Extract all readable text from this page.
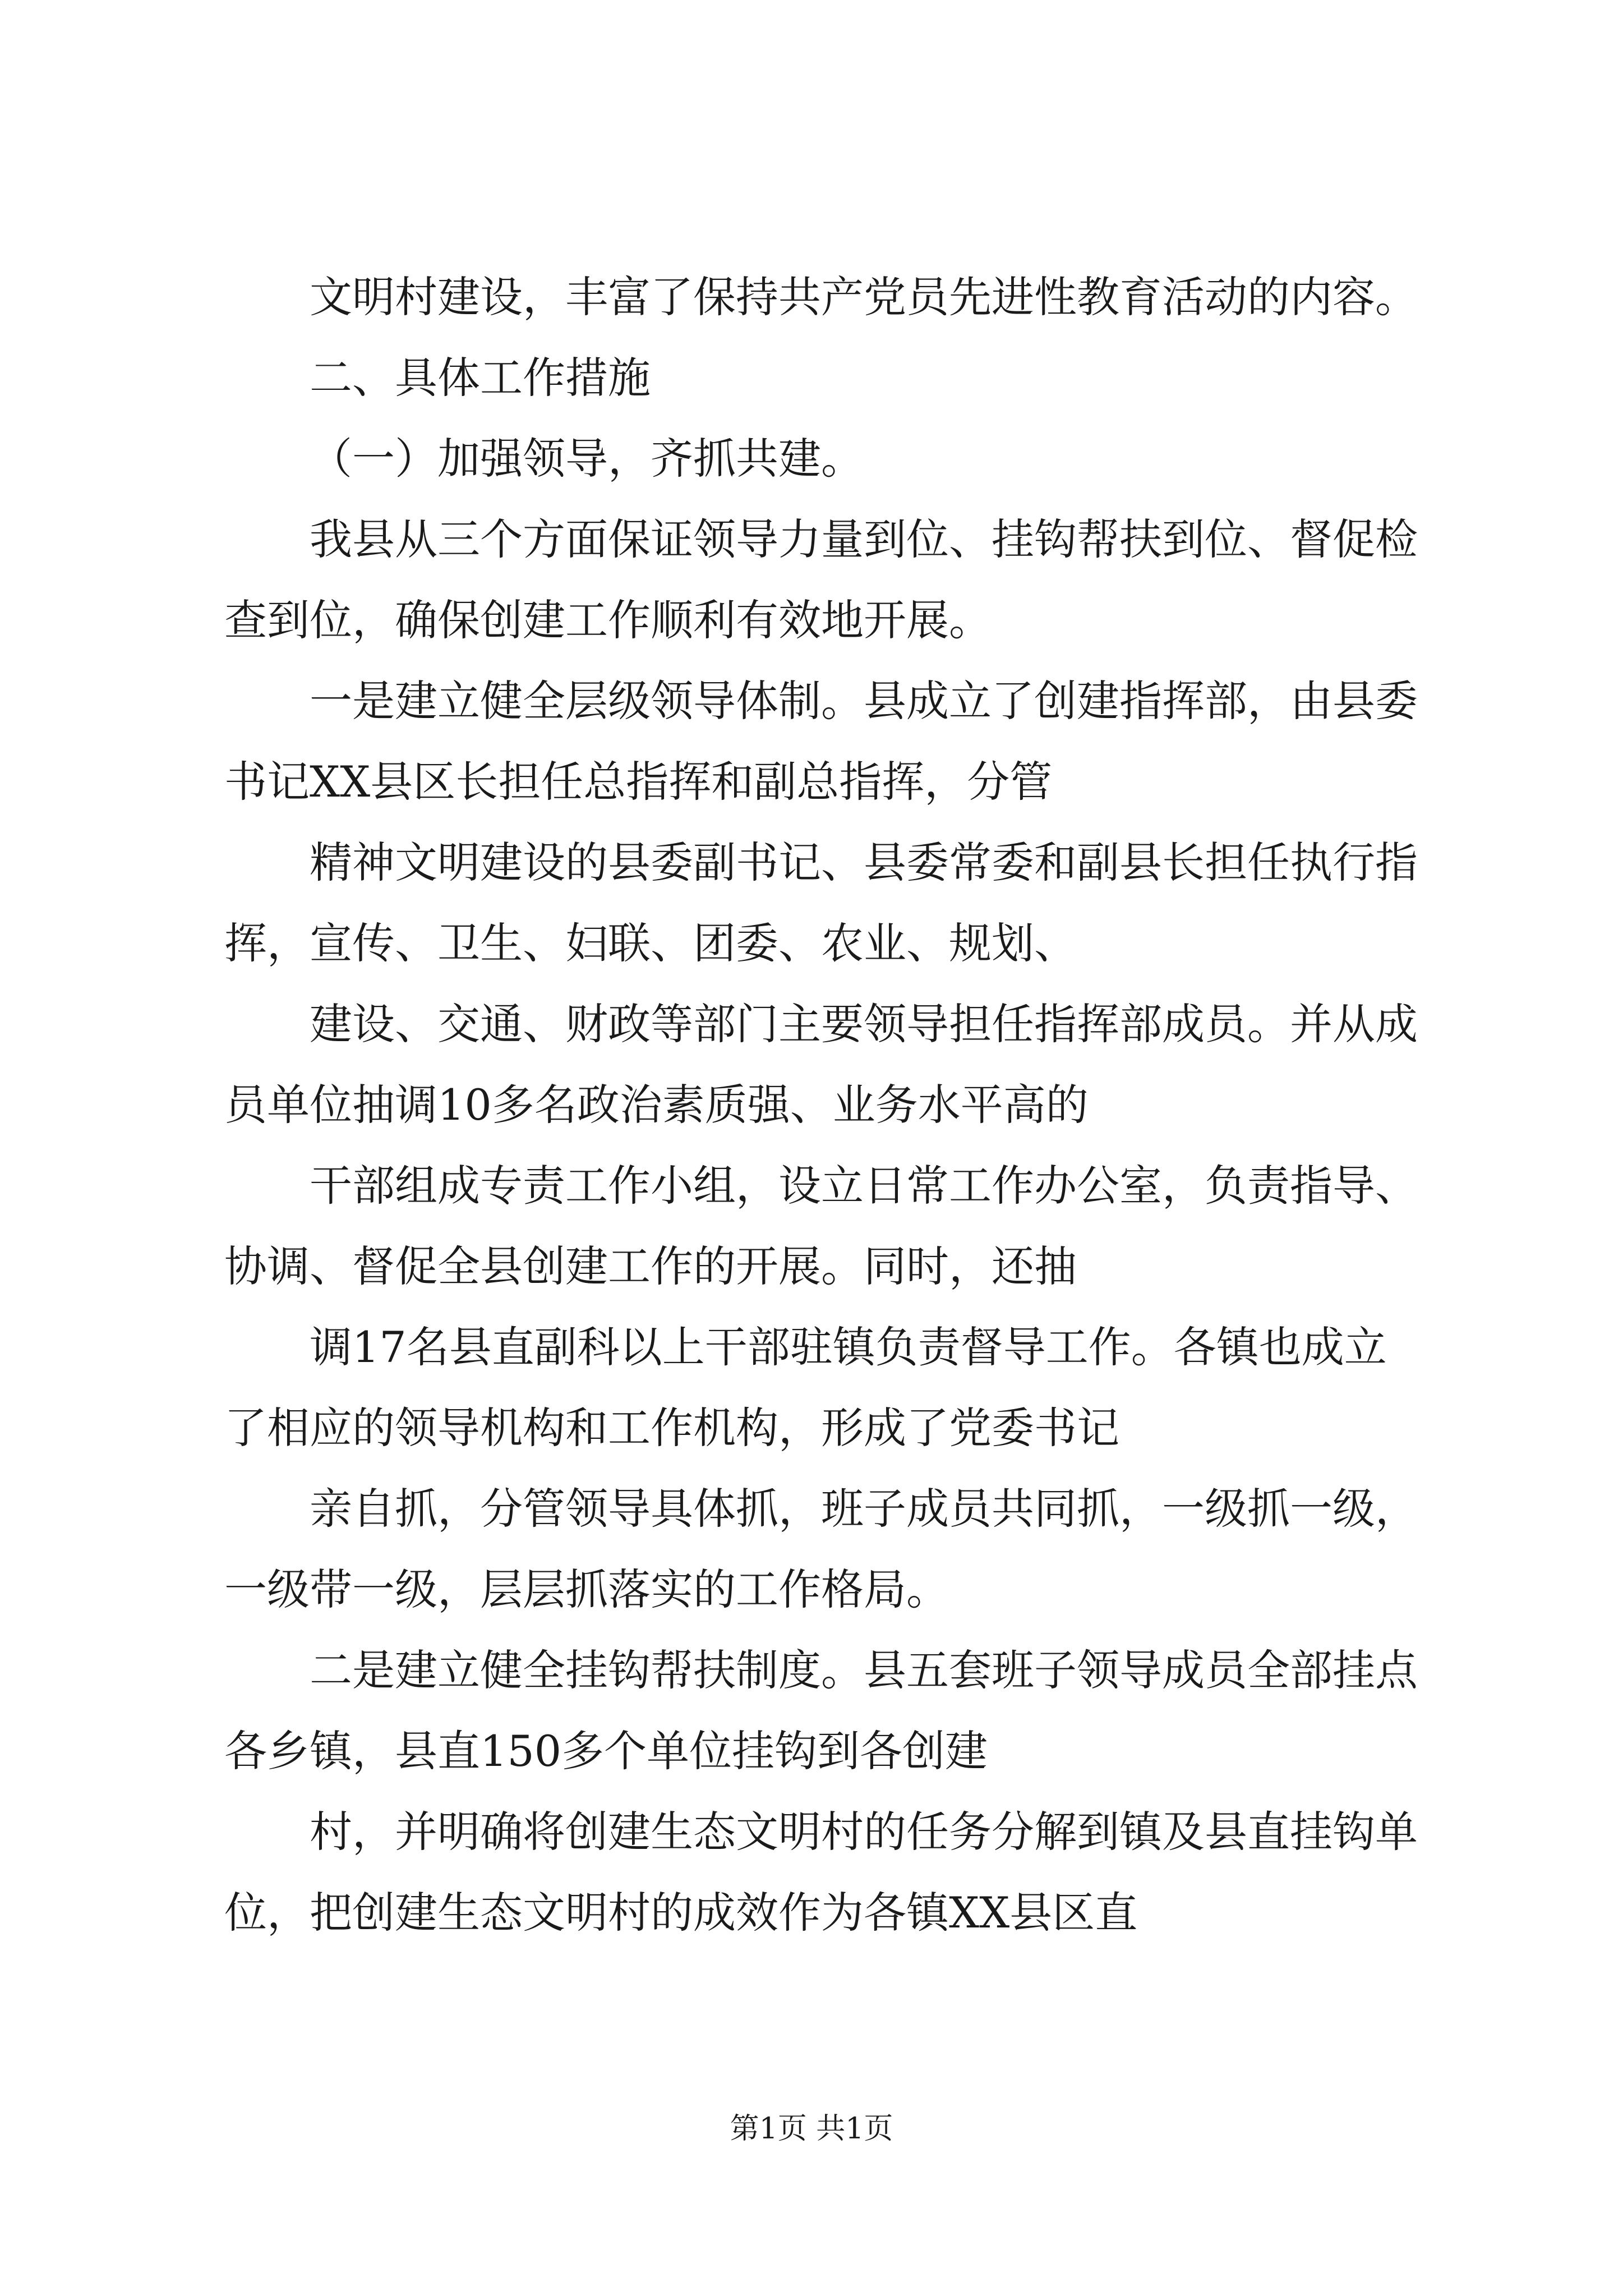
文明村建设，丰富了保持共产党员先进性教育活动的内容。

二、具体工作措施

（一）加强领导，齐抓共建。

我县从三个方面保证领导力量到位、挂钩帮扶到位、督促检

查到位，确保创建工作顺利有效地开展。

一是建立健全层级领导体制。县成立了创建指挥部，由县委

书记XX县区长担任总指挥和副总指挥，分管

精神文明建设的县委副书记、县委常委和副县长担任执行指

挥，宣传、卫生、妇联、团委、农业、规划、

建设、交通、财政等部门主要领导担任指挥部成员。并从成

员单位抽调10多名政治素质强、业务水平高的

干部组成专责工作小组，设立日常工作办公室，负责指导、

协调、督促全县创建工作的开展。同时，还抽

调17名县直副科以上干部驻镇负责督导工作。各镇也成立

了相应的领导机构和工作机构，形成了党委书记

亲自抓，分管领导具体抓，班子成员共同抓，一级抓一级，

一级带一级，层层抓落实的工作格局。

二是建立健全挂钩帮扶制度。县五套班子领导成员全部挂点

各乡镇，县直150多个单位挂钩到各创建

村，并明确将创建生态文明村的任务分解到镇及县直挂钩单

位，把创建生态文明村的成效作为各镇XX县区直

第1页 共1页
